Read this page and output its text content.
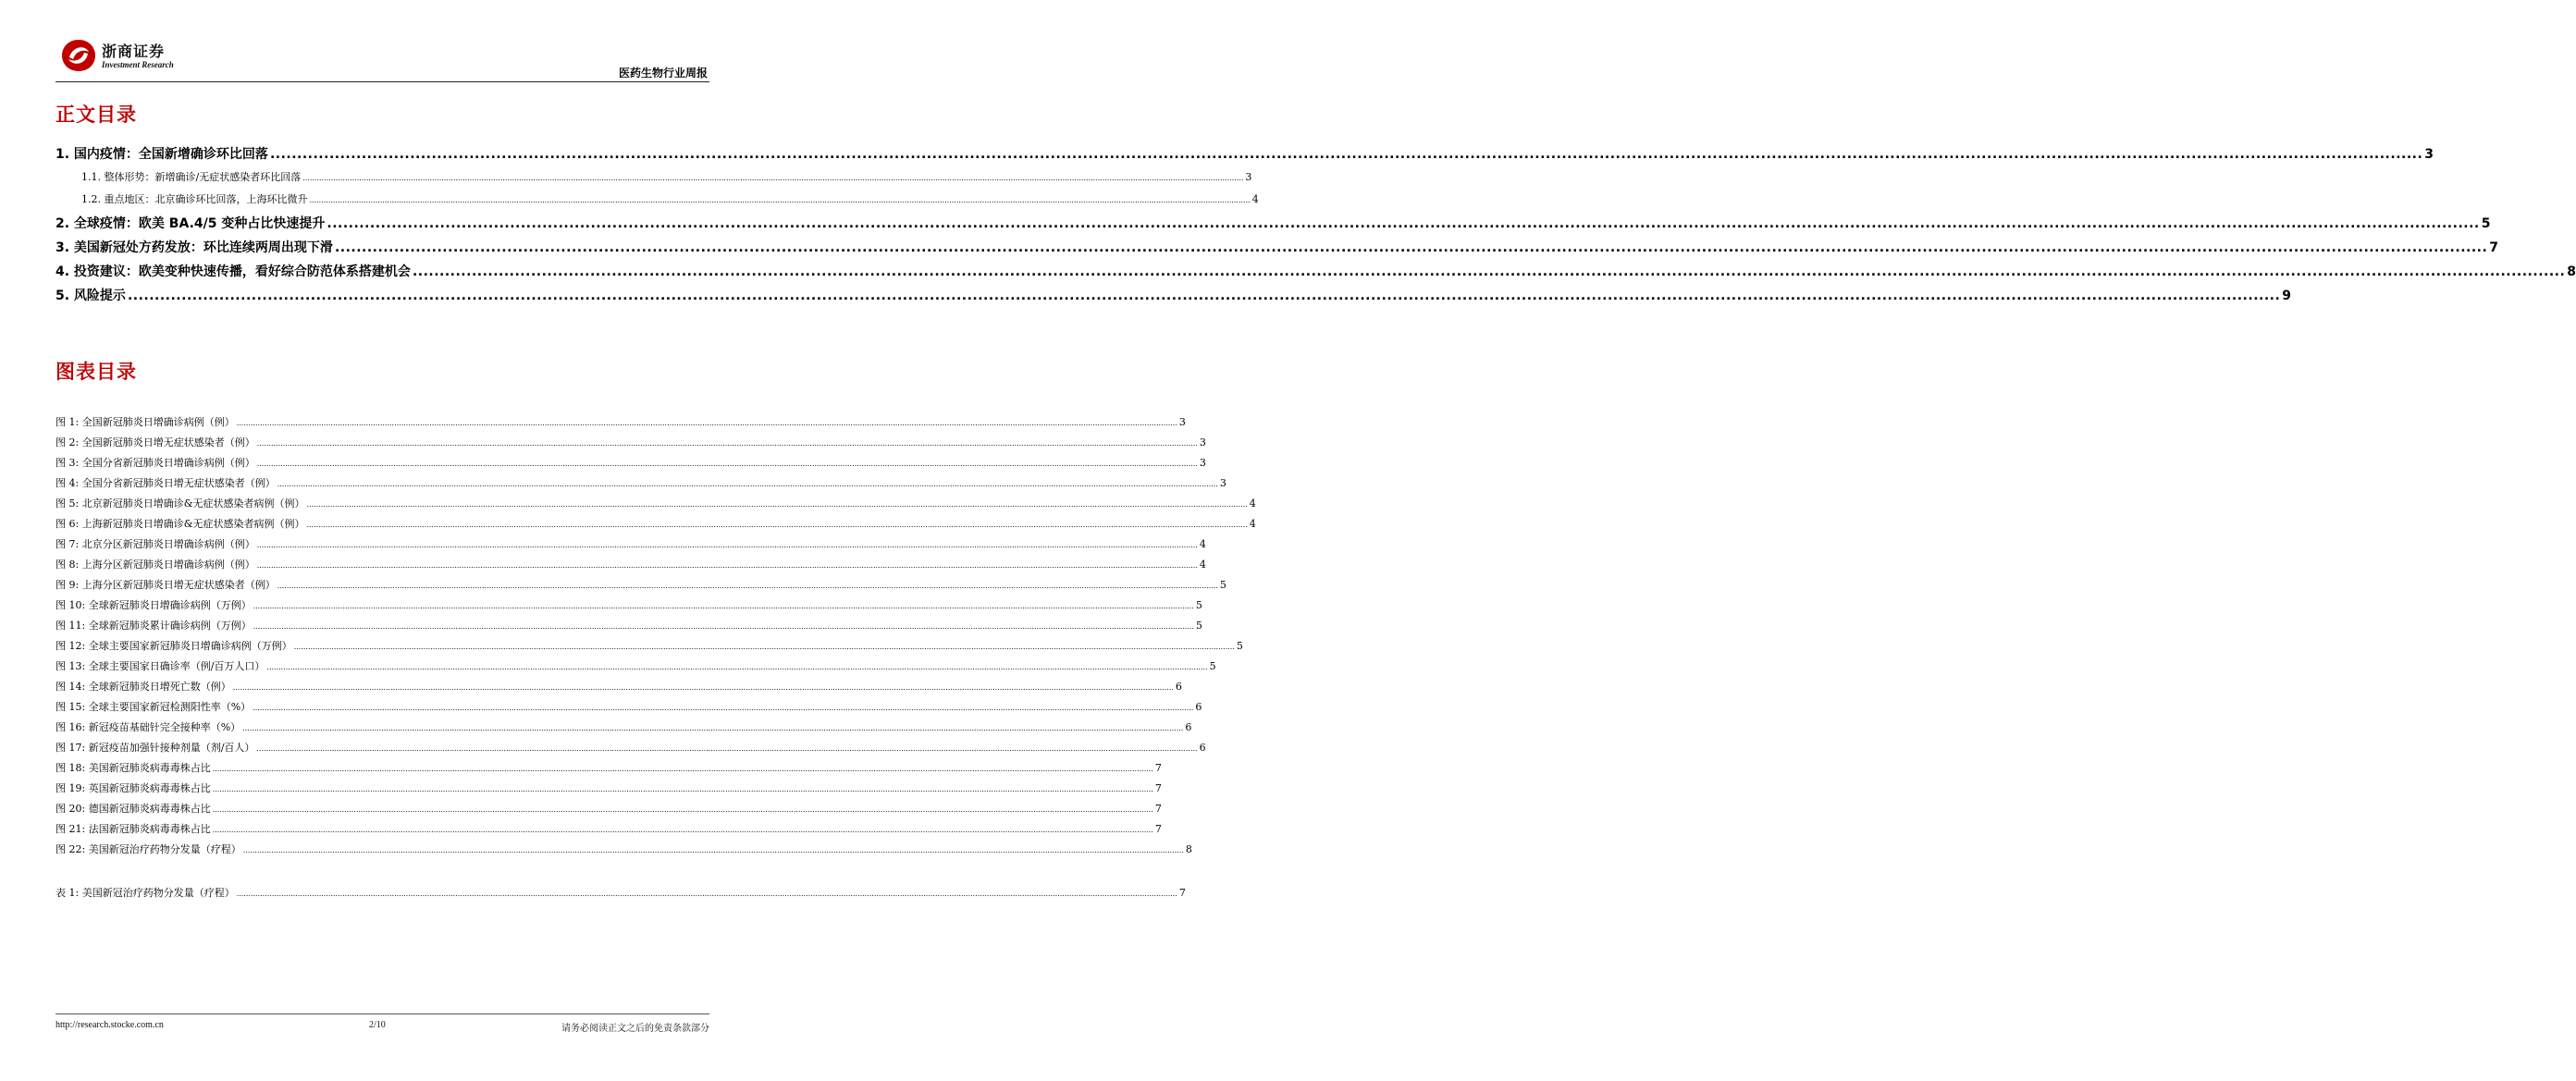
浙商证券
Investment Research
医药生物行业周报
正文目录
1. 国内疫情：全国新增确诊环比回落 ................................................................................................................................................................................................................................................................................................................................................................................................................ 3
1.1. 整体形势：新增确诊/无症状感染者环比回落 ................................................................................................................................................................................................................................................................................................................................................................................................................ 3
1.2. 重点地区：北京确诊环比回落，上海环比微升 ................................................................................................................................................................................................................................................................................................................................................................................................................ 4
2. 全球疫情：欧美 BA.4/5 变种占比快速提升 ................................................................................................................................................................................................................................................................................................................................................................................................................ 5
3. 美国新冠处方药发放：环比连续两周出现下滑 ................................................................................................................................................................................................................................................................................................................................................................................................................ 7
4. 投资建议：欧美变种快速传播，看好综合防范体系搭建机会 ................................................................................................................................................................................................................................................................................................................................................................................................................ 8
5. 风险提示 ................................................................................................................................................................................................................................................................................................................................................................................................................ 9
图表目录
图 1: 全国新冠肺炎日增确诊病例（例） ................................................................................................................................................................................................................................................................................................................................................................................................................ 3
图 2: 全国新冠肺炎日增无症状感染者（例） ................................................................................................................................................................................................................................................................................................................................................................................................................ 3
图 3: 全国分省新冠肺炎日增确诊病例（例） ................................................................................................................................................................................................................................................................................................................................................................................................................ 3
图 4: 全国分省新冠肺炎日增无症状感染者（例） ................................................................................................................................................................................................................................................................................................................................................................................................................ 3
图 5: 北京新冠肺炎日增确诊&无症状感染者病例（例） ................................................................................................................................................................................................................................................................................................................................................................................................................ 4
图 6: 上海新冠肺炎日增确诊&无症状感染者病例（例） ................................................................................................................................................................................................................................................................................................................................................................................................................ 4
图 7: 北京分区新冠肺炎日增确诊病例（例） ................................................................................................................................................................................................................................................................................................................................................................................................................ 4
图 8: 上海分区新冠肺炎日增确诊病例（例） ................................................................................................................................................................................................................................................................................................................................................................................................................ 4
图 9: 上海分区新冠肺炎日增无症状感染者（例） ................................................................................................................................................................................................................................................................................................................................................................................................................ 5
图 10: 全球新冠肺炎日增确诊病例（万例） ................................................................................................................................................................................................................................................................................................................................................................................................................ 5
图 11: 全球新冠肺炎累计确诊病例（万例） ................................................................................................................................................................................................................................................................................................................................................................................................................ 5
图 12: 全球主要国家新冠肺炎日增确诊病例（万例） ................................................................................................................................................................................................................................................................................................................................................................................................................ 5
图 13: 全球主要国家日确诊率（例/百万人口） ................................................................................................................................................................................................................................................................................................................................................................................................................ 5
图 14: 全球新冠肺炎日增死亡数（例） ................................................................................................................................................................................................................................................................................................................................................................................................................ 6
图 15: 全球主要国家新冠检测阳性率（%） ................................................................................................................................................................................................................................................................................................................................................................................................................ 6
图 16: 新冠疫苗基础针完全接种率（%） ................................................................................................................................................................................................................................................................................................................................................................................................................ 6
图 17: 新冠疫苗加强针接种剂量（剂/百人） ................................................................................................................................................................................................................................................................................................................................................................................................................ 6
图 18: 美国新冠肺炎病毒毒株占比 ................................................................................................................................................................................................................................................................................................................................................................................................................ 7
图 19: 英国新冠肺炎病毒毒株占比 ................................................................................................................................................................................................................................................................................................................................................................................................................ 7
图 20: 德国新冠肺炎病毒毒株占比 ................................................................................................................................................................................................................................................................................................................................................................................................................ 7
图 21: 法国新冠肺炎病毒毒株占比 ................................................................................................................................................................................................................................................................................................................................................................................................................ 7
图 22: 美国新冠治疗药物分发量（疗程） ................................................................................................................................................................................................................................................................................................................................................................................................................ 8
表 1: 美国新冠治疗药物分发量（疗程） ................................................................................................................................................................................................................................................................................................................................................................................................................ 7
http://research.stocke.com.cn	2/10	请务必阅读正文之后的免责条款部分
